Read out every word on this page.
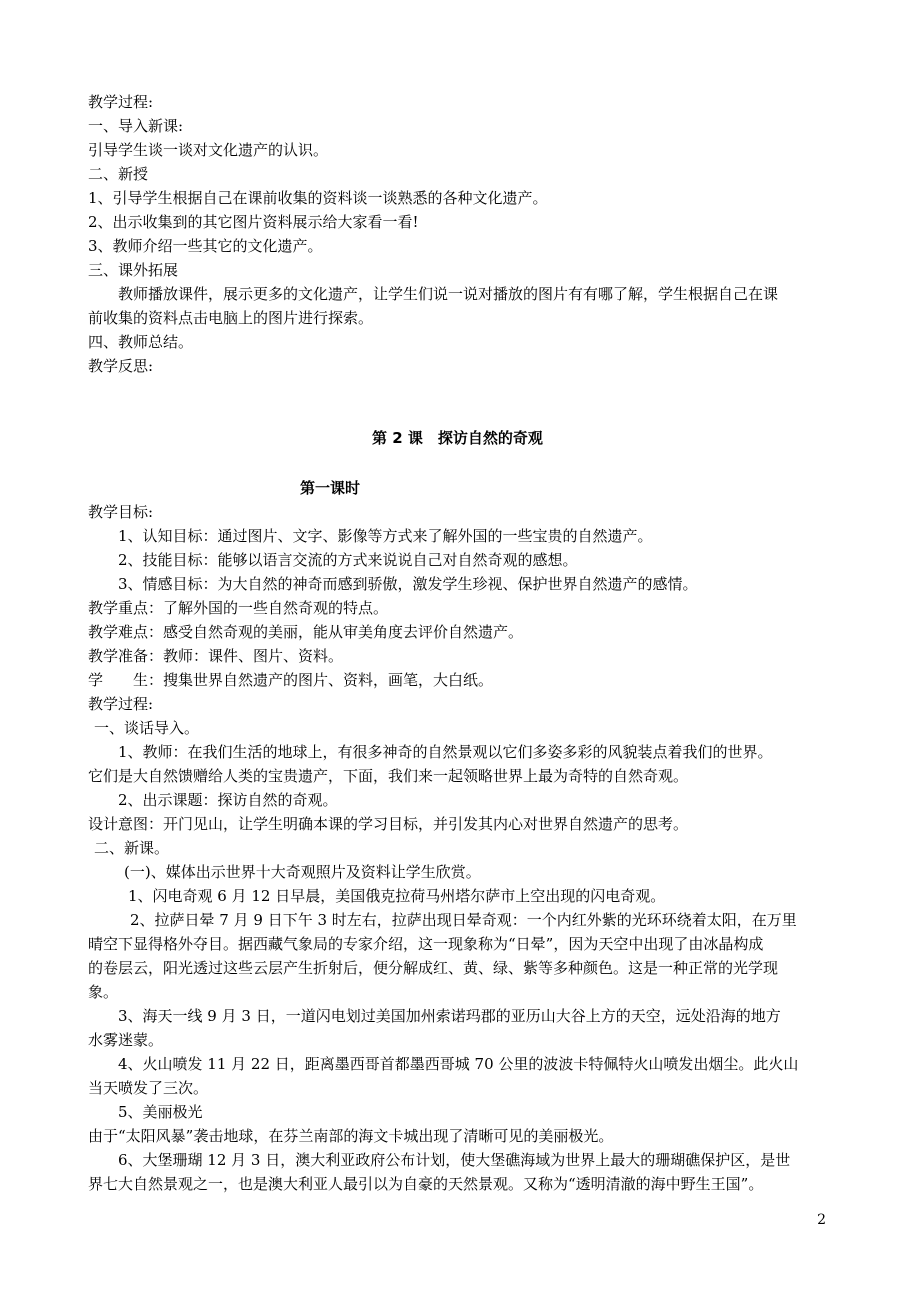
教学过程:
一、导入新课:
引导学生谈一谈对文化遗产的认识。
二、新授
1、引导学生根据自己在课前收集的资料谈一谈熟悉的各种文化遗产。
2、出示收集到的其它图片资料展示给大家看一看!
3、教师介绍一些其它的文化遗产。
三、课外拓展
教师播放课件，展示更多的文化遗产，让学生们说一说对播放的图片有有哪了解，学生根据自己在课
前收集的资料点击电脑上的图片进行探索。
四、教师总结。
教学反思:
第 2 课　探访自然的奇观
第一课时
教学目标:
1、认知目标：通过图片、文字、影像等方式来了解外国的一些宝贵的自然遗产。
2、技能目标：能够以语言交流的方式来说说自己对自然奇观的感想。
3、情感目标：为大自然的神奇而感到骄傲，激发学生珍视、保护世界自然遗产的感情。
教学重点：了解外国的一些自然奇观的特点。
教学难点：感受自然奇观的美丽，能从审美角度去评价自然遗产。
教学准备：教师：课件、图片、资料。
学　　生：搜集世界自然遗产的图片、资料，画笔，大白纸。
教学过程:
一、谈话导入。
1、教师：在我们生活的地球上，有很多神奇的自然景观以它们多姿多彩的风貌装点着我们的世界。
它们是大自然馈赠给人类的宝贵遗产，下面，我们来一起领略世界上最为奇特的自然奇观。
2、出示课题：探访自然的奇观。
设计意图：开门见山，让学生明确本课的学习目标，并引发其内心对世界自然遗产的思考。
二、新课。
(一)、媒体出示世界十大奇观照片及资料让学生欣赏。
1、闪电奇观 6 月 12 日早晨，美国俄克拉荷马州塔尔萨市上空出现的闪电奇观。
2、拉萨日晕 7 月 9 日下午 3 时左右，拉萨出现日晕奇观：一个内红外紫的光环环绕着太阳，在万里
晴空下显得格外夺目。据西藏气象局的专家介绍，这一现象称为“日晕”，因为天空中出现了由冰晶构成
的卷层云，阳光透过这些云层产生折射后，便分解成红、黄、绿、紫等多种颜色。这是一种正常的光学现
象。
3、海天一线 9 月 3 日，一道闪电划过美国加州索诺玛郡的亚历山大谷上方的天空，远处沿海的地方
水雾迷蒙。
4、火山喷发 11 月 22 日，距离墨西哥首都墨西哥城 70 公里的波波卡特佩特火山喷发出烟尘。此火山
当天喷发了三次。
5、美丽极光
由于“太阳风暴”袭击地球，在芬兰南部的海文卡城出现了清晰可见的美丽极光。
6、大堡珊瑚 12 月 3 日，澳大利亚政府公布计划，使大堡礁海域为世界上最大的珊瑚礁保护区，是世
界七大自然景观之一，也是澳大利亚人最引以为自豪的天然景观。又称为“透明清澈的海中野生王国”。
2
